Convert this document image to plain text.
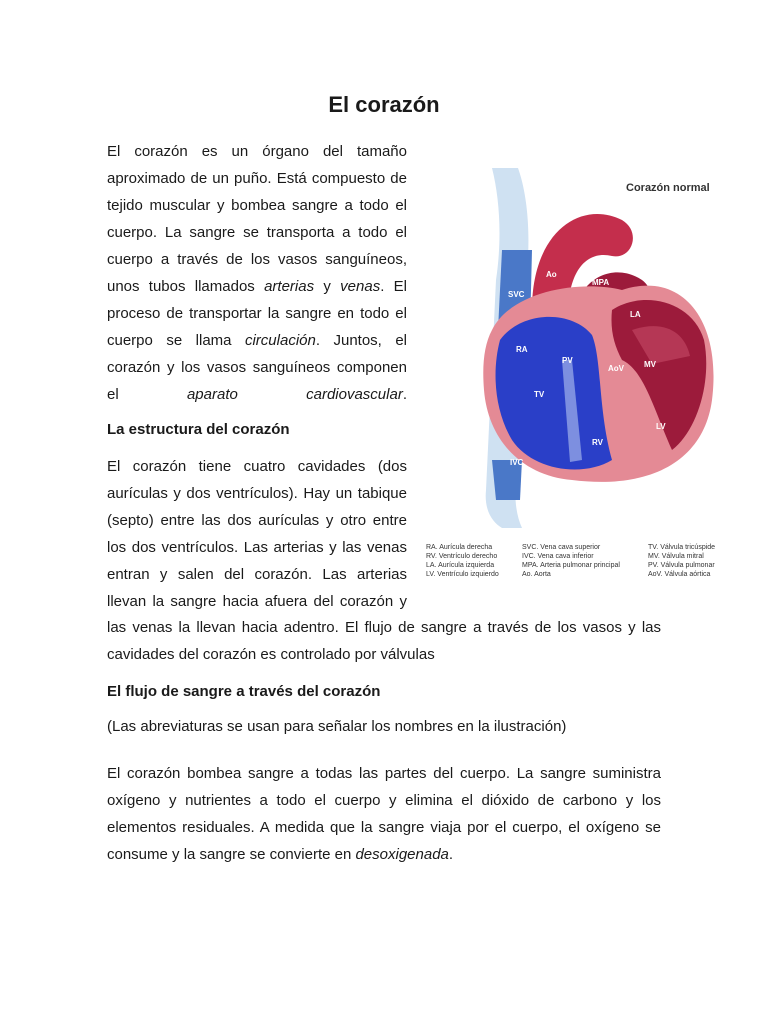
El corazón

El corazón es un órgano del tamaño aproximado de un puño. Está compuesto de tejido muscular y bombea sangre a todo el cuerpo. La sangre se transporta a todo el cuerpo a través de los vasos sanguíneos, unos tubos llamados arterias y venas. El proceso de transportar la sangre en todo el cuerpo se llama circulación. Juntos, el corazón y los vasos sanguíneos componen el aparato cardiovascular.

La estructura del corazón

El corazón tiene cuatro cavidades (dos aurículas y dos ventrículos). Hay un tabique (septo) entre las dos aurículas y otro entre los dos ventrículos. Las arterias y las venas entran y salen del corazón. Las arterias llevan la sangre hacia afuera del corazón y

las venas la llevan hacia adentro. El flujo de sangre a través de los vasos y las cavidades del corazón es controlado por válvulas

El flujo de sangre a través del corazón

(Las abreviaturas se usan para señalar los nombres en la ilustración)

El corazón bombea sangre a todas las partes del cuerpo. La sangre suministra oxígeno y nutrientes a todo el cuerpo y elimina el dióxido de carbono y los elementos residuales. A medida que la sangre viaja por el cuerpo, el oxígeno se consume y la sangre se convierte en desoxigenada.

Corazón normal
Ao
MPA
SVC
RA
PV
LA
AoV	MV
TV
LV
RV
IVC
RA. Aurícula derecha
RV. Ventrículo derecho
LA. Aurícula izquierda
LV. Ventrículo izquierdo
SVC. Vena cava superior
IVC. Vena cava inferior
MPA. Arteria pulmonar principal
Ao. Aorta
TV. Válvula tricúspide
MV. Válvula mitral
PV. Válvula pulmonar
AoV. Válvula aórtica
